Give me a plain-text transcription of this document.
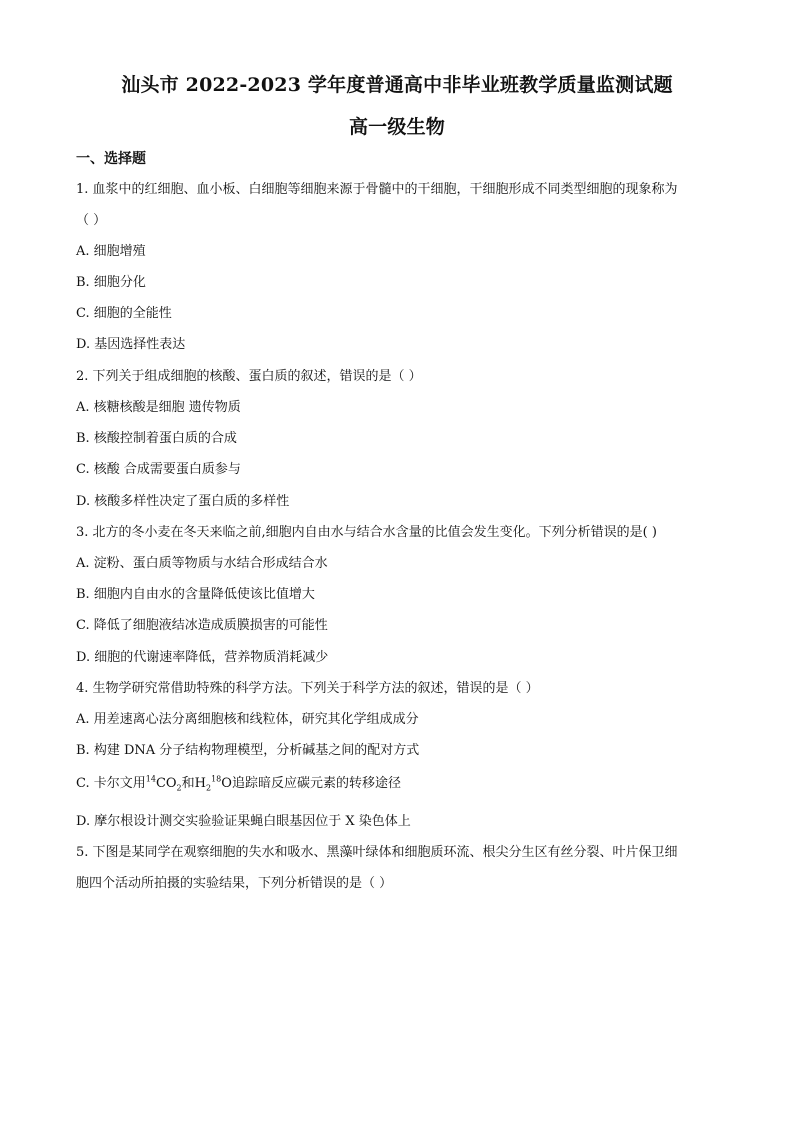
汕头市 2022-2023 学年度普通高中非毕业班教学质量监测试题
高一级生物
一、选择题
1. 血浆中的红细胞、血小板、白细胞等细胞来源于骨髓中的干细胞，干细胞形成不同类型细胞的现象称为
（ ）
A. 细胞增殖
B. 细胞分化
C. 细胞的全能性
D. 基因选择性表达
2. 下列关于组成细胞的核酸、蛋白质的叙述，错误的是（ ）
A. 核糖核酸是细胞 遗传物质
B. 核酸控制着蛋白质的合成
C. 核酸 合成需要蛋白质参与
D. 核酸多样性决定了蛋白质的多样性
3. 北方的冬小麦在冬天来临之前,细胞内自由水与结合水含量的比值会发生变化。下列分析错误的是( )
A. 淀粉、蛋白质等物质与水结合形成结合水
B. 细胞内自由水的含量降低使该比值增大
C. 降低了细胞液结冰造成质膜损害的可能性
D. 细胞的代谢速率降低，营养物质消耗减少
4. 生物学研究常借助特殊的科学方法。下列关于科学方法的叙述，错误的是（ ）
A. 用差速离心法分离细胞核和线粒体，研究其化学组成成分
B. 构建 DNA 分子结构物理模型，分析碱基之间的配对方式
C. 卡尔文用$^{14}CO_2$和$H_2^{18}O$追踪暗反应碳元素的转移途径
D. 摩尔根设计测交实验验证果蝇白眼基因位于 X 染色体上
5. 下图是某同学在观察细胞的失水和吸水、黑藻叶绿体和细胞质环流、根尖分生区有丝分裂、叶片保卫细
胞四个活动所拍摄的实验结果，下列分析错误的是（ ）
